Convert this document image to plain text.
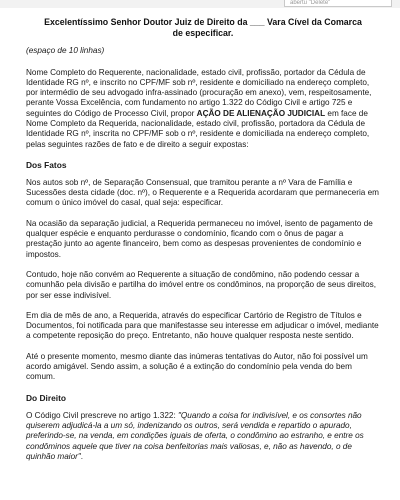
abertu "Delete"
Excelentíssimo Senhor Doutor Juiz de Direito da ___ Vara Cível da Comarca
de especificar.
(espaço de 10 linhas)

Nome Completo do Requerente, nacionalidade, estado civil, profissão, portador da Cédula de Identidade RG nº, e inscrito no CPF/MF sob nº, residente e domiciliado na endereço completo, por intermédio de seu advogado infra-assinado (procuração em anexo), vem, respeitosamente, perante Vossa Excelência, com fundamento no artigo 1.322 do Código Civil e artigo 725 e seguintes do Código de Processo Civil, propor AÇÃO DE ALIENAÇÃO JUDICIAL em face de Nome Completo da Requerida, nacionalidade, estado civil, profissão, portadora da Cédula de Identidade RG nº, inscrita no CPF/MF sob o nº, residente e domiciliada na endereço completo, pelas seguintes razões de fato e de direito a seguir expostas:

Dos Fatos

Nos autos sob nº, de Separação Consensual, que tramitou perante a nº Vara de Família e Sucessões desta cidade (doc. nº), o Requerente e a Requerida acordaram que permaneceria em comum o único imóvel do casal, qual seja: especificar.

Na ocasião da separação judicial, a Requerida permaneceu no imóvel, isento de pagamento de qualquer espécie e enquanto perdurasse o condomínio, ficando com o ônus de pagar a prestação junto ao agente financeiro, bem como as despesas provenientes de condomínio e impostos.

Contudo, hoje não convém ao Requerente a situação de condômino, não podendo cessar a comunhão pela divisão e partilha do imóvel entre os condôminos, na proporção de seus direitos, por ser esse indivisível.

Em dia de mês de ano, a Requerida, através do especificar Cartório de Registro de Títulos e Documentos, foi notificada para que manifestasse seu interesse em adjudicar o imóvel, mediante a competente reposição do preço. Entretanto, não houve qualquer resposta neste sentido.

Até o presente momento, mesmo diante das inúmeras tentativas do Autor, não foi possível um acordo amigável. Sendo assim, a solução é a extinção do condomínio pela venda do bem comum.

Do Direito

O Código Civil prescreve no artigo 1.322: "Quando a coisa for indivisível, e os consortes não quiserem adjudicá-la a um só, indenizando os outros, será vendida e repartido o apurado, preferindo-se, na venda, em condições iguais de oferta, o condômino ao estranho, e entre os condôminos aquele que tiver na coisa benfeitorias mais valiosas, e, não as havendo, o de quinhão maior".
